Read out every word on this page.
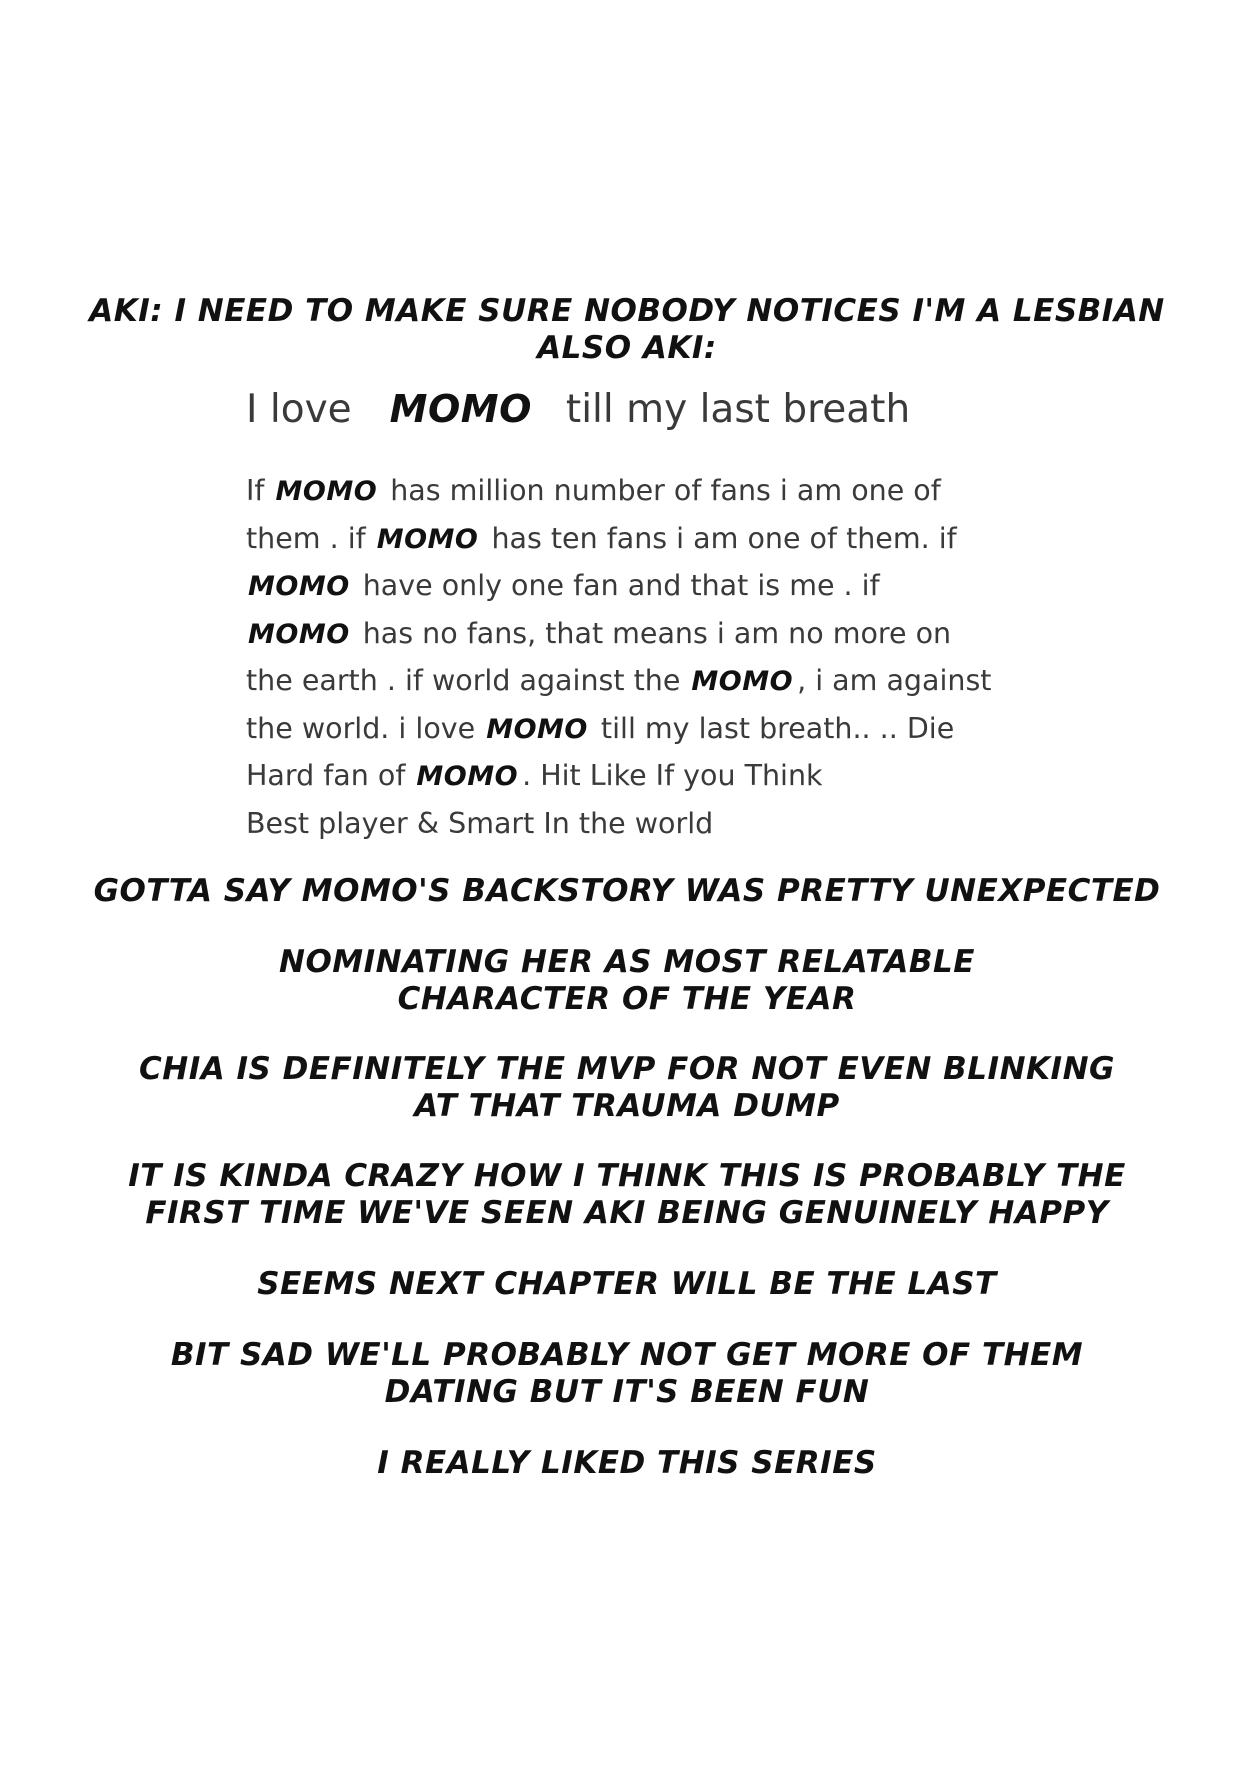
AKI: I NEED TO MAKE SURE NOBODY NOTICES I'M A LESBIAN
ALSO AKI:

I love MOMO till my last breath

If MOMO has million number of fans i am one of
them . if MOMO has ten fans i am one of them. if
MOMO have only one fan and that is me . if
MOMO has no fans, that means i am no more on
the earth . if world against the MOMO , i am against
the world. i love MOMO till my last breath.. .. Die
Hard fan of MOMO . Hit Like If you Think
Best player & Smart In the world

GOTTA SAY MOMO'S BACKSTORY WAS PRETTY UNEXPECTED
NOMINATING HER AS MOST RELATABLE
CHARACTER OF THE YEAR
CHIA IS DEFINITELY THE MVP FOR NOT EVEN BLINKING
AT THAT TRAUMA DUMP
IT IS KINDA CRAZY HOW I THINK THIS IS PROBABLY THE
FIRST TIME WE'VE SEEN AKI BEING GENUINELY HAPPY
SEEMS NEXT CHAPTER WILL BE THE LAST
BIT SAD WE'LL PROBABLY NOT GET MORE OF THEM
DATING BUT IT'S BEEN FUN
I REALLY LIKED THIS SERIES
